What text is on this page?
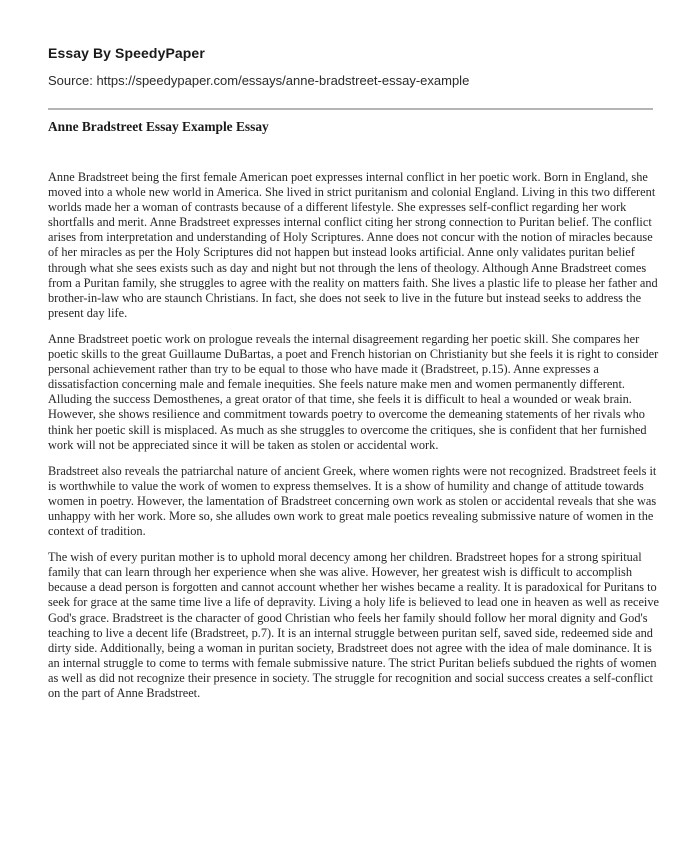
Essay By SpeedyPaper

Source: https://speedypaper.com/essays/anne-bradstreet-essay-example

Anne Bradstreet Essay Example Essay

Anne Bradstreet being the first female American poet expresses internal conflict in her poetic work. Born in England, she moved into a whole new world in America. She lived in strict puritanism and colonial England. Living in this two different worlds made her a woman of contrasts because of a different lifestyle. She expresses self-conflict regarding her work shortfalls and merit. Anne Bradstreet expresses internal conflict citing her strong connection to Puritan belief. The conflict arises from interpretation and understanding of Holy Scriptures. Anne does not concur with the notion of miracles because of her miracles as per the Holy Scriptures did not happen but instead looks artificial. Anne only validates puritan belief through what she sees exists such as day and night but not through the lens of theology. Although Anne Bradstreet comes from a Puritan family, she struggles to agree with the reality on matters faith. She lives a plastic life to please her father and brother-in-law who are staunch Christians. In fact, she does not seek to live in the future but instead seeks to address the present day life.

Anne Bradstreet poetic work on prologue reveals the internal disagreement regarding her poetic skill. She compares her poetic skills to the great Guillaume DuBartas, a poet and French historian on Christianity but she feels it is right to consider personal achievement rather than try to be equal to those who have made it (Bradstreet, p.15). Anne expresses a dissatisfaction concerning male and female inequities. She feels nature make men and women permanently different. Alluding the success Demosthenes, a great orator of that time, she feels it is difficult to heal a wounded or weak brain. However, she shows resilience and commitment towards poetry to overcome the demeaning statements of her rivals who think her poetic skill is misplaced. As much as she struggles to overcome the critiques, she is confident that her furnished work will not be appreciated since it will be taken as stolen or accidental work.

Bradstreet also reveals the patriarchal nature of ancient Greek, where women rights were not recognized. Bradstreet feels it is worthwhile to value the work of women to express themselves. It is a show of humility and change of attitude towards women in poetry. However, the lamentation of Bradstreet concerning own work as stolen or accidental reveals that she was unhappy with her work. More so, she alludes own work to great male poetics revealing submissive nature of women in the context of tradition.

The wish of every puritan mother is to uphold moral decency among her children. Bradstreet hopes for a strong spiritual family that can learn through her experience when she was alive. However, her greatest wish is difficult to accomplish because a dead person is forgotten and cannot account whether her wishes became a reality. It is paradoxical for Puritans to seek for grace at the same time live a life of depravity. Living a holy life is believed to lead one in heaven as well as receive God's grace. Bradstreet is the character of good Christian who feels her family should follow her moral dignity and God's teaching to live a decent life (Bradstreet, p.7). It is an internal struggle between puritan self, saved side, redeemed side and dirty side. Additionally, being a woman in puritan society, Bradstreet does not agree with the idea of male dominance. It is an internal struggle to come to terms with female submissive nature. The strict Puritan beliefs subdued the rights of women as well as did not recognize their presence in society. The struggle for recognition and social success creates a self-conflict on the part of Anne Bradstreet.
